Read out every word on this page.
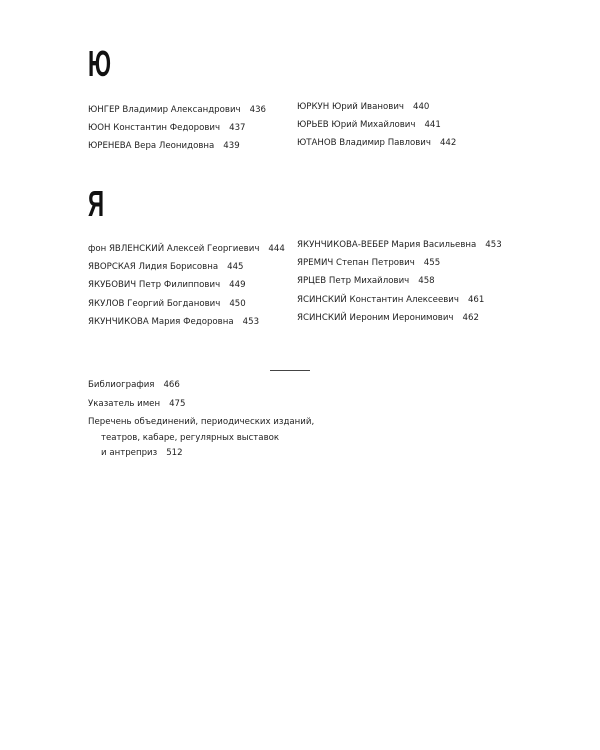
Ю
ЮНГЕР Владимир Александрович 436
ЮОН Константин Федорович 437
ЮРЕНЕВА Вера Леонидовна 439
ЮРКУН Юрий Иванович 440
ЮРЬЕВ Юрий Михайлович 441
ЮТАНОВ Владимир Павлович 442
Я
фон ЯВЛЕНСКИЙ Алексей Георгиевич 444
ЯВОРСКАЯ Лидия Борисовна 445
ЯКУБОВИЧ Петр Филиппович 449
ЯКУЛОВ Георгий Богданович 450
ЯКУНЧИКОВА Мария Федоровна 453
ЯКУНЧИКОВА-ВЕБЕР Мария Васильевна 453
ЯРЕМИЧ Степан Петрович 455
ЯРЦЕВ Петр Михайлович 458
ЯСИНСКИЙ Константин Алексеевич 461
ЯСИНСКИЙ Иероним Иеронимович 462
Библиография 466
Указатель имен 475
Перечень объединений, периодических изданий,
театров, кабаре, регулярных выставок
и антреприз 512
